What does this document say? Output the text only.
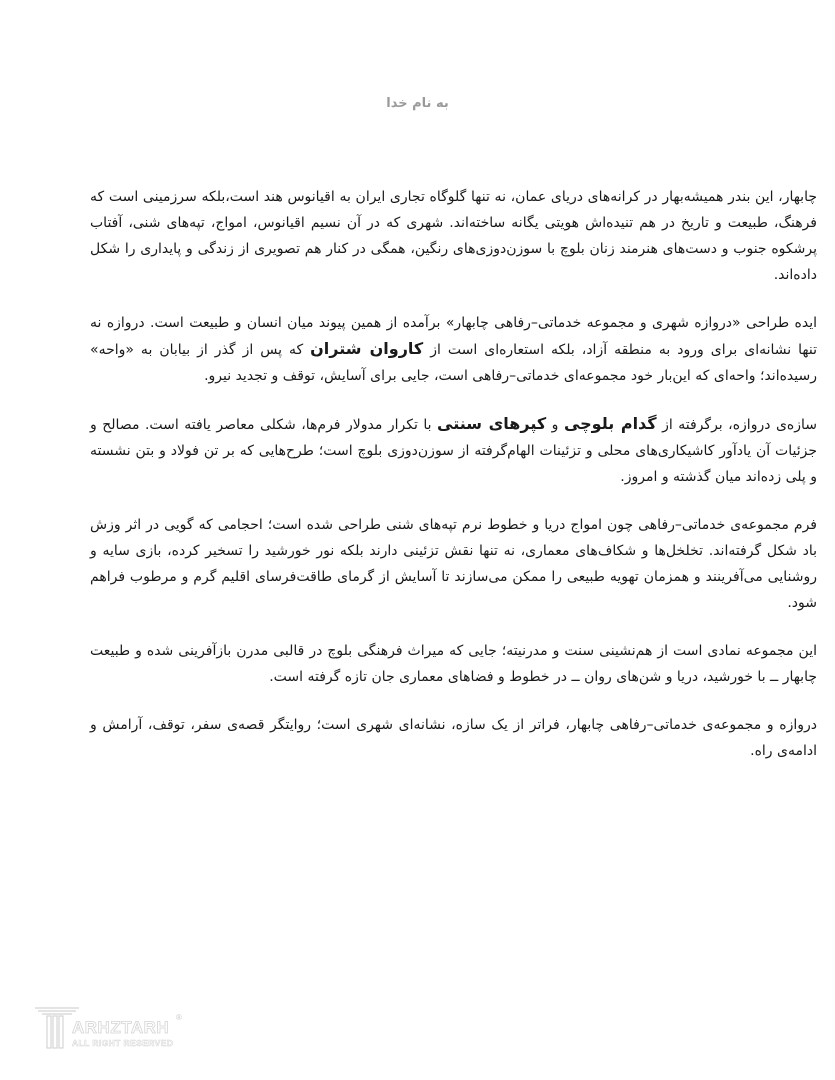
به نام خدا

چابهار، این بندر همیشه‌بهار در کرانه‌های دریای عمان، نه تنها گلوگاه تجاری ایران به اقیانوس هند است،بلکه سرزمینی است که فرهنگ، طبیعت و تاریخ در هم تنیده‌اش هویتی یگانه ساخته‌اند. شهری که در آن نسیم اقیانوس، امواج، تپه‌های شنی، آفتاب پرشکوه جنوب و دست‌های هنرمند زنان بلوچ با سوزن‌دوزی‌های رنگین، همگی در کنار هم تصویری از زندگی و پایداری را شکل داده‌اند.

ایده طراحی «دروازه شهری و مجموعه خدماتی–رفاهی چابهار» برآمده از همین پیوند میان انسان و طبیعت است. دروازه نه تنها نشانه‌ای برای ورود به منطقه آزاد، بلکه استعاره‌ای است از کاروان شتران که پس از گذر از بیابان به «واحه» رسیده‌اند؛ واحه‌ای که این‌بار خود مجموعه‌ای خدماتی–رفاهی است، جایی برای آسایش، توقف و تجدید نیرو.

سازه‌ی دروازه، برگرفته از گدام بلوچی و کپرهای سنتی با تکرار مدولار فرم‌ها، شکلی معاصر یافته است. مصالح و جزئیات آن یادآور کاشیکاری‌های محلی و تزئینات الهام‌گرفته از سوزن‌دوزی بلوچ است؛ طرح‌هایی که بر تن فولاد و بتن نشسته و پلی زده‌اند میان گذشته و امروز.

فرم مجموعه‌ی خدماتی–رفاهی چون امواج دریا و خطوط نرم تپه‌های شنی طراحی شده است؛ احجامی که گویی در اثر وزش باد شکل گرفته‌اند. تخلخل‌ها و شکاف‌های معماری، نه تنها نقش تزئینی دارند بلکه نور خورشید را تسخیر کرده، بازی سایه و روشنایی می‌آفرینند و همزمان تهویه طبیعی را ممکن می‌سازند تا آسایش از گرمای طاقت‌فرسای اقلیم گرم و مرطوب فراهم شود.

این مجموعه نمادی است از هم‌نشینی سنت و مدرنیته؛ جایی که میراث فرهنگی بلوچ در قالبی مدرن بازآفرینی شده و طبیعت چابهار ــ با خورشید، دریا و شن‌های روان ــ در خطوط و فضاهای معماری جان تازه گرفته است.

دروازه و مجموعه‌ی خدماتی–رفاهی چابهار، فراتر از یک سازه، نشانه‌ای شهری است؛ روایتگر قصه‌ی سفر، توقف، آرامش و ادامه‌ی راه.

ARHZTARH
®
ALL RIGHT RESERVED
